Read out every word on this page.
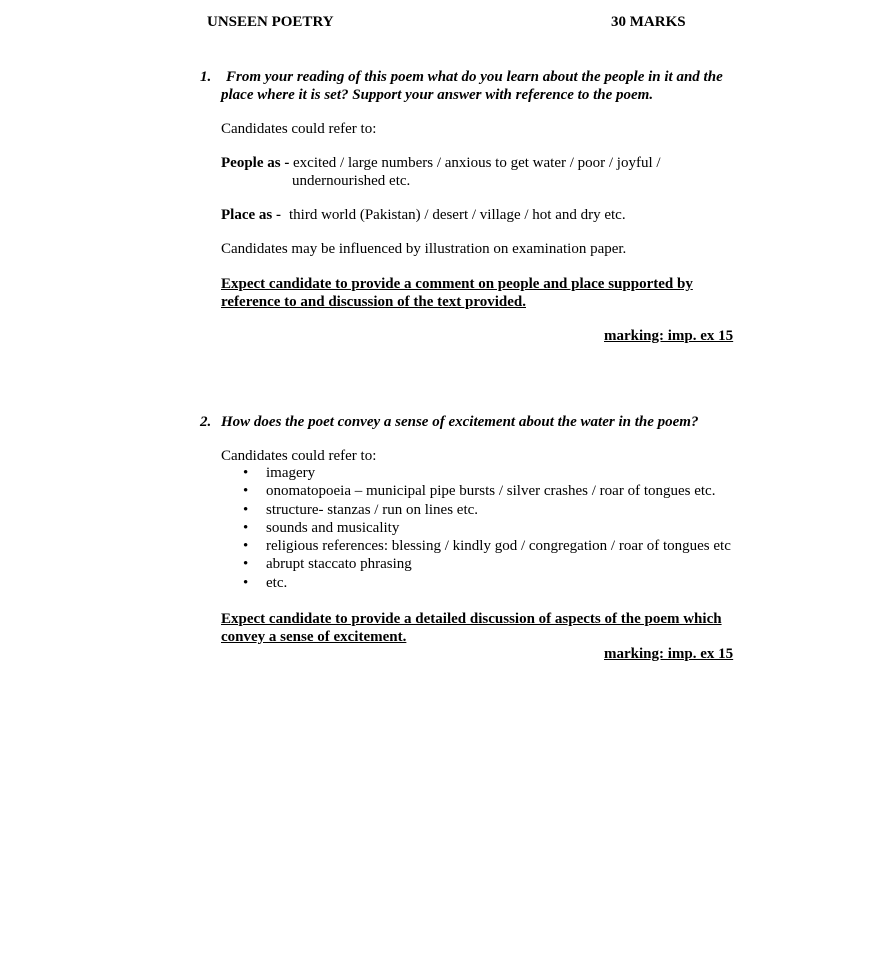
UNSEEN POETRY	30 MARKS
1. From your reading of this poem what do you learn about the people in it and the
place where it is set? Support your answer with reference to the poem.
Candidates could refer to:
People as - excited / large numbers / anxious to get water / poor / joyful /
undernourished etc.
Place as - third world (Pakistan) / desert / village / hot and dry etc.
Candidates may be influenced by illustration on examination paper.
Expect candidate to provide a comment on people and place supported by
reference to and discussion of the text provided.
marking: imp. ex 15
2. How does the poet convey a sense of excitement about the water in the poem?
Candidates could refer to:
• imagery
• onomatopoeia – municipal pipe bursts / silver crashes / roar of tongues etc.
• structure- stanzas / run on lines etc.
• sounds and musicality
• religious references: blessing / kindly god / congregation / roar of tongues etc
• abrupt staccato phrasing
• etc.
Expect candidate to provide a detailed discussion of aspects of the poem which
convey a sense of excitement.
marking: imp. ex 15
